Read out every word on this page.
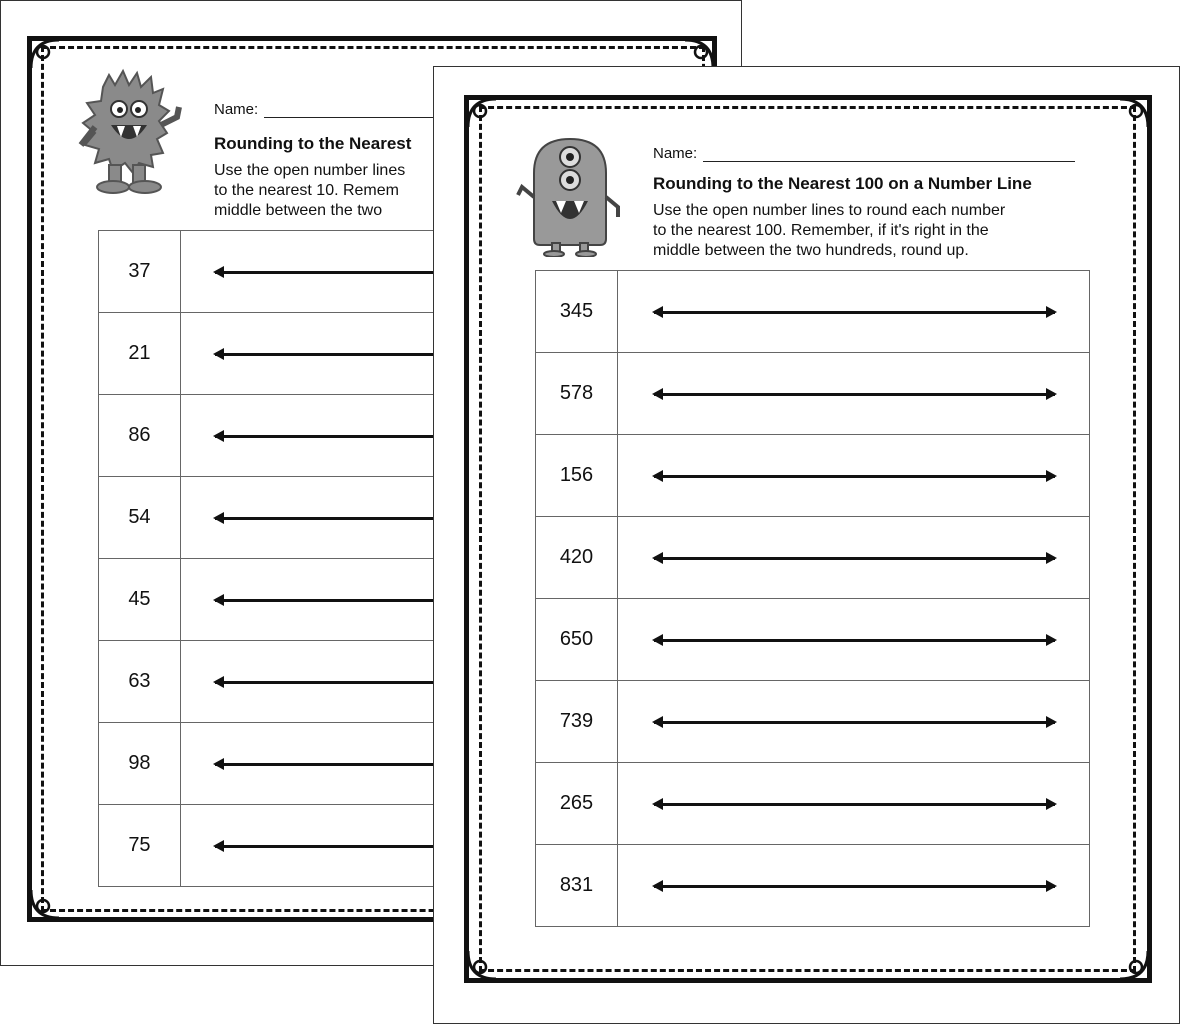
Name:
Rounding to the Nearest
Use the open number lines
to the nearest 10. Remem
middle between the two
37	

21	

86	

54	

45	

63	

98	

75	
Name:
Rounding to the Nearest 100 on a Number Line
Use the open number lines to round each number
to the nearest 100. Remember, if it's right in the
middle between the two hundreds, round up.
345	

578	

156	

420	

650	

739	

265	

831	
